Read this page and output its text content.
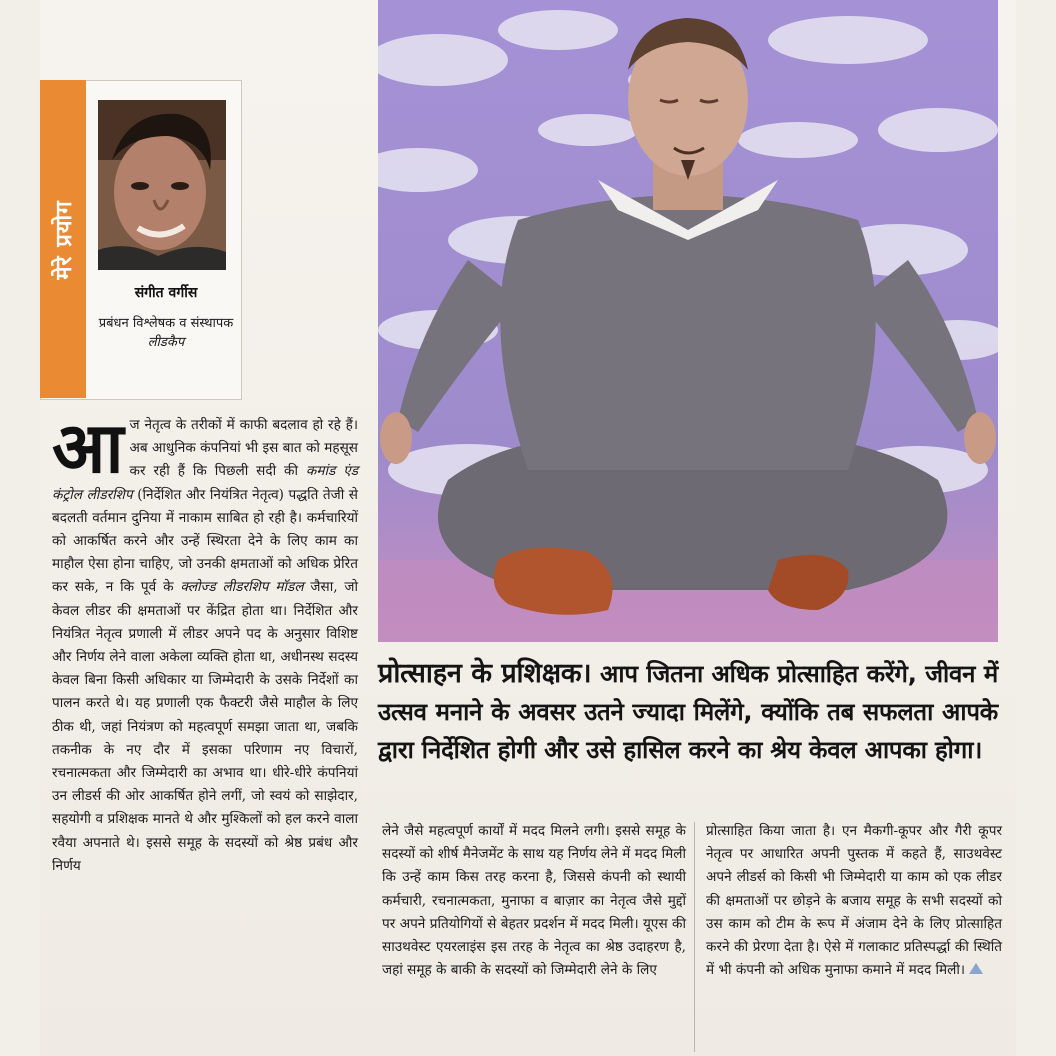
मेरे प्रयोग
संगीत वर्गीस
प्रबंधन विश्लेषक व संस्थापक लीडकैप
प्रोत्साहन के प्रशिक्षक। आप जितना अधिक प्रोत्साहित करेंगे, जीवन में उत्सव मनाने के अवसर उतने ज्यादा मिलेंगे, क्योंकि तब सफलता आपके द्वारा निर्देशित होगी और उसे हासिल करने का श्रेय केवल आपका होगा।
आज नेतृत्व के तरीकों में काफी बदलाव हो रहे हैं। अब आधुनिक कंपनियां भी इस बात को महसूस कर रही हैं कि पिछली सदी की कमांड एंड कंट्रोल लीडरशिप (निर्देशित और नियंत्रित नेतृत्व) पद्धति तेजी से बदलती वर्तमान दुनिया में नाकाम साबित हो रही है। कर्मचारियों को आकर्षित करने और उन्हें स्थिरता देने के लिए काम का माहौल ऐसा होना चाहिए, जो उनकी क्षमताओं को अधिक प्रेरित कर सके, न कि पूर्व के क्लोज्ड लीडरशिप मॉडल जैसा, जो केवल लीडर की क्षमताओं पर केंद्रित होता था। निर्देशित और नियंत्रित नेतृत्व प्रणाली में लीडर अपने पद के अनुसार विशिष्ट और निर्णय लेने वाला अकेला व्यक्ति होता था, अधीनस्थ सदस्य केवल बिना किसी अधिकार या जिम्मेदारी के उसके निर्देशों का पालन करते थे। यह प्रणाली एक फैक्टरी जैसे माहौल के लिए ठीक थी, जहां नियंत्रण को महत्वपूर्ण समझा जाता था, जबकि तकनीक के नए दौर में इसका परिणाम नए विचारों, रचनात्मकता और जिम्मेदारी का अभाव था। धीरे-धीरे कंपनियां उन लीडर्स की ओर आकर्षित होने लगीं, जो स्वयं को साझेदार, सहयोगी व प्रशिक्षक मानते थे और मुश्किलों को हल करने वाला रवैया अपनाते थे। इससे समूह के सदस्यों को श्रेष्ठ प्रबंध और निर्णय
लेने जैसे महत्वपूर्ण कार्यों में मदद मिलने लगी। इससे समूह के सदस्यों को शीर्ष मैनेजमेंट के साथ यह निर्णय लेने में मदद मिली कि उन्हें काम किस तरह करना है, जिससे कंपनी को स्थायी कर्मचारी, रचनात्मकता, मुनाफा व बाज़ार का नेतृत्व जैसे मुद्दों पर अपने प्रतियोगियों से बेहतर प्रदर्शन में मदद मिली। यूएस की साउथवेस्ट एयरलाइंस इस तरह के नेतृत्व का श्रेष्ठ उदाहरण है, जहां समूह के बाकी के सदस्यों को जिम्मेदारी लेने के लिए
प्रोत्साहित किया जाता है। एन मैकगी-कूपर और गैरी कूपर नेतृत्व पर आधारित अपनी पुस्तक में कहते हैं, साउथवेस्ट अपने लीडर्स को किसी भी जिम्मेदारी या काम को एक लीडर की क्षमताओं पर छोड़ने के बजाय समूह के सभी सदस्यों को उस काम को टीम के रूप में अंजाम देने के लिए प्रोत्साहित करने की प्रेरणा देता है। ऐसे में गलाकाट प्रतिस्पर्द्धा की स्थिति में भी कंपनी को अधिक मुनाफा कमाने में मदद मिली।
